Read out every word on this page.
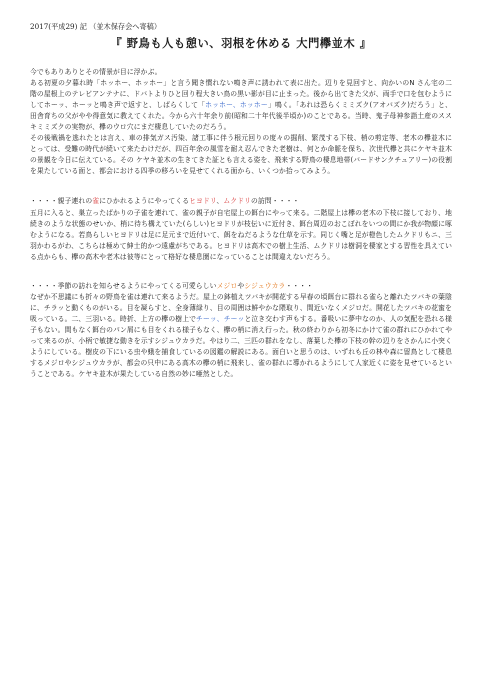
2017(平成29) 記 （並木保存会へ寄稿）
『 野鳥も人も憩い、羽根を休める 大門欅並木 』

今でもありありとその情景が目に浮かぶ。

ある初夏の夕暮れ時「ホッホー、ホッホー」と言う聞き慣れない鳴き声に誘われて表に出た。辺りを見回すと、向かいのN さん宅の二階の屋根上のテレビアンテナに、ドバトよりひと回り程大きい鳥の黒い影が目に止まった。後から出てきた父が、両手で口を包むようにしてホーッ、ホーッと鳴き声で返すと、しばらくして「ホッホー、ホッホー」鳴く。「あれは恐らくミミズク(アオバズク)だろう」と、田舎育ちの父がやや得意気に教えてくれた。今から六十年余り前(昭和二十年代後半頃か)のことである。当時、鬼子母神参詣土産のススキミミズクの実物が、欅のウロ穴にまだ棲息していたのだろう。

その後戦禍を逃れたとは言え、車の排気ガス汚染、諸工事に伴う根元回りの度々の掘削、繁茂する下枝、梢の剪定等、老木の欅並木にとっては、受難の時代が続いて来たわけだが、四百年余の風雪を耐え忍んできた老樹は、何とか命脈を保ち、次世代欅と共にケヤキ並木の景観を今日に伝えている。その ケヤキ並木の生きてきた証とも言える姿を、飛来する野鳥の棲息地帯(バードサンクチュアリー)の役割を果たしている面と、都会における四季の移ろいを見せてくれる面から、いくつか拾ってみよう。

・・・・親子連れの雀にひかれるようにやってくるヒヨドリ、ムクドリの訪問・・・・

五月に入ると、巣立ったばかりの子雀を連れて、雀の親子が自宅屋上の餌台にやって来る。二階屋上は欅の老木の下枝に接しており、地続きのような状態のせいか、梢に待ち構えていた(らしい)ヒヨドリが枝伝いに近付き、餌台周辺のおこぼれをいつの間にか我が物顔に啄むようになる。若鳥らしいヒヨドリは足に足元まで近付いて、餌をねだるような仕草を示す。同じく嘴と足が橙色したムクドリもニ、三羽かわるがわ、こちらは極めて紳士的かつ遠慮がちである。ヒヨドリは高木での樹上生活、ムクドリは樹洞を棲家とする習性を具えている点からも、欅の高木や老木は彼等にとって格好な棲息圏になっていることは間違えないだろう。

・・・・季節の訪れを知らせるようにやってくる可愛らしいメジロやシジュウカラ・・・・

なぜか不思議にも折々の野鳥を雀は連れて来るようだ。屋上の鉢植えツバキが開花する早春の頃餌台に群れる雀らと離れたツバキの葉陰に、チラッと動くものがいる。目を凝らすと、全身薄緑り、目の周囲は鮮やかな隈取り、間近いなくメジロだ。開花したツバキの花蜜を吸っている。二、三羽いる。時折、上方の欅の樹上でチーッ、チーッと泣き交わす声もする。番吸いに夢中なのか、人の気配を恐れる様子もない。間もなく餌台のパン屑にも目をくれる様子もなく、欅の梢に消え行った。秋の終わりから初冬にかけて雀の群れにひかれてやって来るのが、小柄で敏捷な動きを示すシジュウカラだ。やはり二、三匹の群れをなし、落葉した欅の下枝の幹の辺りをさかんに小突くようにしている。樹皮の下にいる虫や蛾を捕食しているの図鑑の解説にある。面白いと思うのは、いずれも丘の林や森に留鳥として棲息するメジロやシジュウカラが、都会の只中にある高木の欅の梢に飛来し、雀の群れに導かれるようにして人家近くに姿を見せているということである。ケヤキ並木が果たしている自然の妙に唖然とした。
